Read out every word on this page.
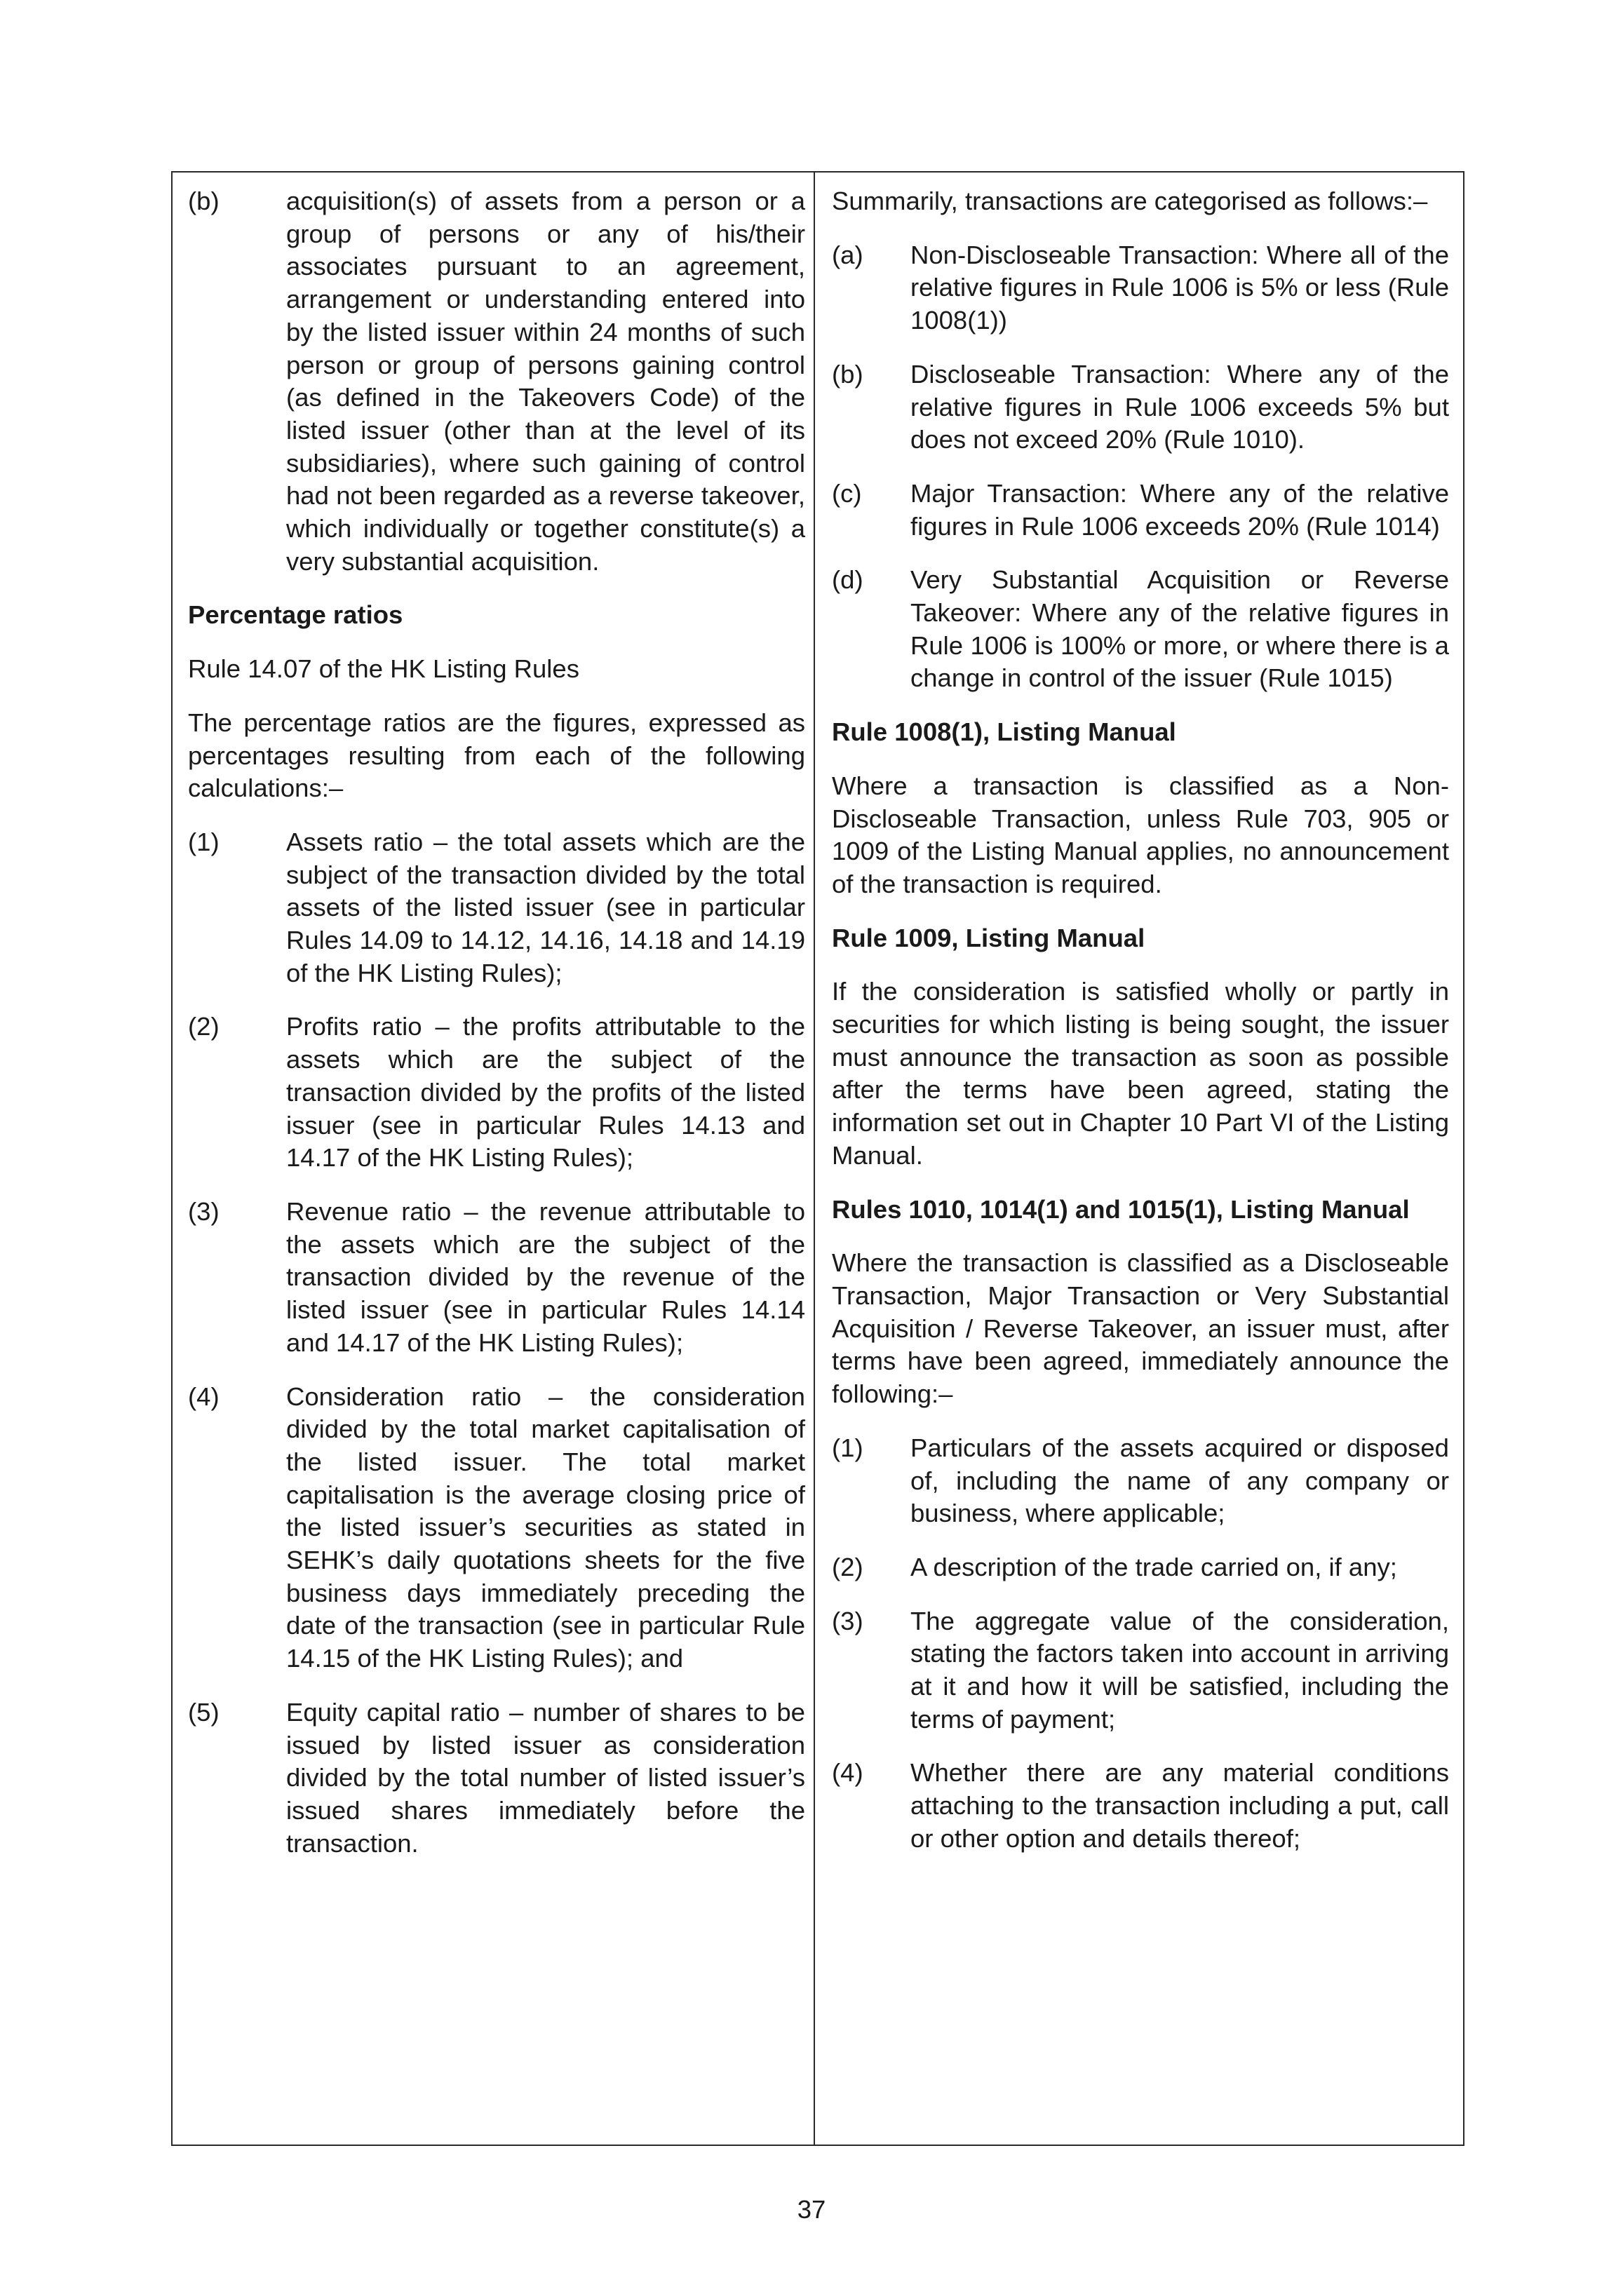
(b)	acquisition(s) of assets from a person or a group of persons or any of his/their associates pursuant to an agreement, arrangement or understanding entered into by the listed issuer within 24 months of such person or group of persons gaining control (as defined in the Takeovers Code) of the listed issuer (other than at the level of its subsidiaries), where such gaining of control had not been regarded as a reverse takeover, which individually or together constitute(s) a very substantial acquisition.
Percentage ratios
Rule 14.07 of the HK Listing Rules
The percentage ratios are the figures, expressed as percentages resulting from each of the following calculations:–
(1)	Assets ratio – the total assets which are the subject of the transaction divided by the total assets of the listed issuer (see in particular Rules 14.09 to 14.12, 14.16, 14.18 and 14.19 of the HK Listing Rules);
(2)	Profits ratio – the profits attributable to the assets which are the subject of the transaction divided by the profits of the listed issuer (see in particular Rules 14.13 and 14.17 of the HK Listing Rules);
(3)	Revenue ratio – the revenue attributable to the assets which are the subject of the transaction divided by the revenue of the listed issuer (see in particular Rules 14.14 and 14.17 of the HK Listing Rules);
(4)	Consideration ratio – the consideration divided by the total market capitalisation of the listed issuer. The total market capitalisation is the average closing price of the listed issuer’s securities as stated in SEHK’s daily quotations sheets for the five business days immediately preceding the date of the transaction (see in particular Rule 14.15 of the HK Listing Rules); and
(5)	Equity capital ratio – number of shares to be issued by listed issuer as consideration divided by the total number of listed issuer’s issued shares immediately before the transaction.
Summarily, transactions are categorised as follows:–
(a)	Non-Discloseable Transaction: Where all of the relative figures in Rule 1006 is 5% or less (Rule 1008(1))
(b)	Discloseable Transaction: Where any of the relative figures in Rule 1006 exceeds 5% but does not exceed 20% (Rule 1010).
(c)	Major Transaction: Where any of the relative figures in Rule 1006 exceeds 20% (Rule 1014)
(d)	Very Substantial Acquisition or Reverse Takeover: Where any of the relative figures in Rule 1006 is 100% or more, or where there is a change in control of the issuer (Rule 1015)
Rule 1008(1), Listing Manual
Where a transaction is classified as a Non-Discloseable Transaction, unless Rule 703, 905 or 1009 of the Listing Manual applies, no announcement of the transaction is required.
Rule 1009, Listing Manual
If the consideration is satisfied wholly or partly in securities for which listing is being sought, the issuer must announce the transaction as soon as possible after the terms have been agreed, stating the information set out in Chapter 10 Part VI of the Listing Manual.
Rules 1010, 1014(1) and 1015(1), Listing Manual
Where the transaction is classified as a Discloseable Transaction, Major Transaction or Very Substantial Acquisition / Reverse Takeover, an issuer must, after terms have been agreed, immediately announce the following:–
(1)	Particulars of the assets acquired or disposed of, including the name of any company or business, where applicable;
(2)	A description of the trade carried on, if any;
(3)	The aggregate value of the consideration, stating the factors taken into account in arriving at it and how it will be satisfied, including the terms of payment;
(4)	Whether there are any material conditions attaching to the transaction including a put, call or other option and details thereof;
37
